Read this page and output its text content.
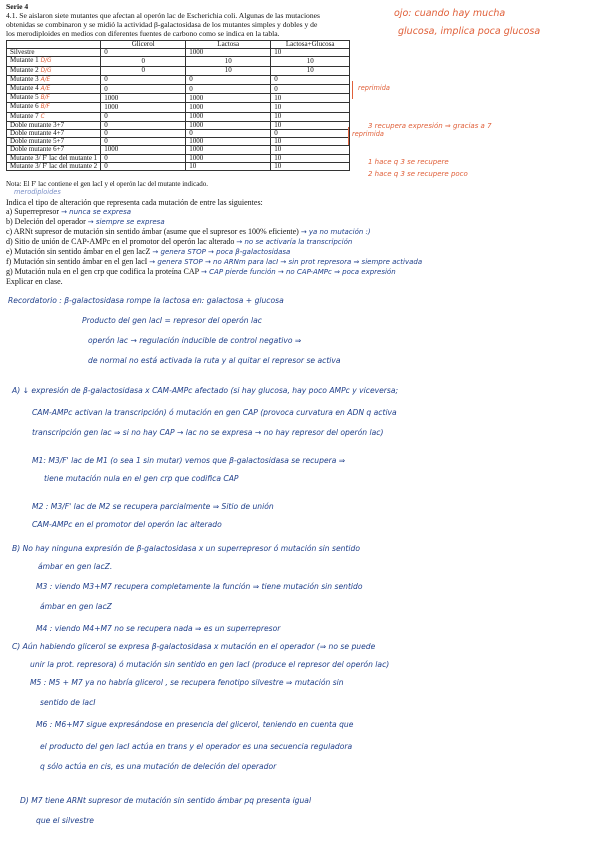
Serie 4
4.1. Se aislaron siete mutantes que afectan al operón lac de Escherichia coli. Algunas de las mutaciones
obtenidas se combinaron y se midió la actividad β-galactosidasa de los mutantes simples y dobles y de
los merodiploides en medios con diferentes fuentes de carbono como se indica en la tabla.
ojo: cuando hay mucha
glucosa, implica poca glucosa
	Glicerol	Lactosa	Lactosa+Glucosa
Silvestre	0	1000	10
Mutante 1 D/G	0	10	10
Mutante 2 D/G	0	10	10
Mutante 3 A/E	0	0	0
Mutante 4 A/E	0	0	0
Mutante 5 B/F	1000	1000	10
Mutante 6 B/F	1000	1000	10
Mutante 7 C	0	1000	10
Doble mutante 3+7	0	1000	10
Doble mutante 4+7	0	0	0
Doble mutante 5+7	0	1000	10
Doble mutante 6+7	1000	1000	10
Mutante 3/ F' lac del mutante 1	0	1000	10
Mutante 3/ F' lac del mutante 2	0	10	10
Nota: El F' lac contiene el gen lacI y el operón lac del mutante indicado.
merodiploides
reprimida
reprimida
3 recupera expresión ⇒ gracias a 7
1 hace q 3 se recupere
2 hace q 3 se recupere poco
Indica el tipo de alteración que representa cada mutación de entre las siguientes:
a) Superrepresor → nunca se expresa
b) Deleción del operador → siempre se expresa
c) ARNt supresor de mutación sin sentido ámbar (asume que el supresor es 100% eficiente) → ya no mutación :)
d) Sitio de unión de CAP-AMPc en el promotor del operón lac alterado → no se activaría la transcripción
e) Mutación sin sentido ámbar en el gen lacZ → genera STOP → poca β-galactosidasa
f) Mutación sin sentido ámbar en el gen lacI → genera STOP → no ARNm para lacI → sin prot represora ⇒ siempre activada
g) Mutación nula en el gen crp que codifica la proteína CAP → CAP pierde función → no CAP-AMPc ⇒ poca expresión
Explicar en clase.
Recordatorio : β-galactosidasa rompe la lactosa en: galactosa + glucosa
Producto del gen lacI = represor del operón lac
operón lac → regulación inducible de control negativo ⇒
de normal no está activada la ruta y al quitar el represor se activa
A) ↓ expresión de β-galactosidasa x CAM-AMPc afectado (si hay glucosa, hay poco AMPc y viceversa;
CAM-AMPc activan la transcripción) ó mutación en gen CAP (provoca curvatura en ADN q activa
transcripción gen lac ⇒ si no hay CAP → lac no se expresa → no hay represor del operón lac)
M1: M3/F' lac de M1 (o sea 1 sin mutar) vemos que β-galactosidasa se recupera ⇒
tiene mutación nula en el gen crp que codifica CAP
M2 : M3/F' lac de M2 se recupera parcialmente ⇒ Sitio de unión
CAM-AMPc en el promotor del operón lac alterado
B) No hay ninguna expresión de β-galactosidasa x un superrepresor ó mutación sin sentido
ámbar en gen lacZ.
M3 : viendo M3+M7 recupera completamente la función ⇒ tiene mutación sin sentido
ámbar en gen lacZ
M4 : viendo M4+M7 no se recupera nada ⇒ es un superrepresor
C) Aún habiendo glicerol se expresa β-galactosidasa x mutación en el operador (⇒ no se puede
unir la prot. represora) ó mutación sin sentido en gen lacI (produce el represor del operón lac)
M5 : M5 + M7 ya no habría glicerol , se recupera fenotipo silvestre ⇒ mutación sin
sentido de lacI
M6 : M6+M7 sigue expresándose en presencia del glicerol, teniendo en cuenta que
el producto del gen lacI actúa en trans y el operador es una secuencia reguladora
q sólo actúa en cis, es una mutación de deleción del operador
D) M7 tiene ARNt supresor de mutación sin sentido ámbar pq presenta igual
que el silvestre
